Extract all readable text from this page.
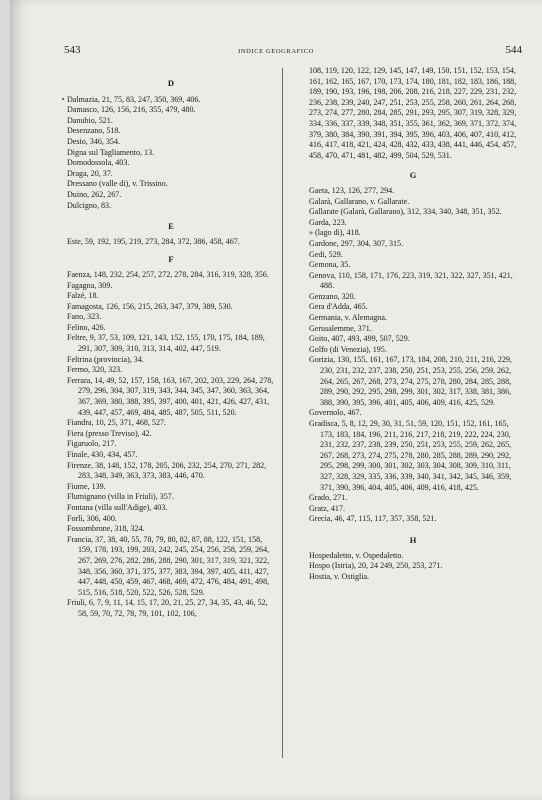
543	INDICE GEOGRAFICO	544
D
Dalmazia, 21, 75, 83, 247, 350, 369, 406.
Damasco, 126, 156, 216, 355, 479, 480.
Danubio, 521.
Desenzano, 518.
Desio, 346, 354.
Digna sul Tagliamento, 13.
Domodossola, 403.
Draga, 20, 37.
Dressano (valle di), v. Trissino.
Duino, 262, 267.
Dulcigno, 83.
E
Este, 59, 192, 195, 219, 273, 284, 372, 386, 458, 467.
F
Faenza, 148, 232, 254, 257, 272, 278, 284, 316, 319, 328, 356.
Fagagna, 309.
Falzè, 18.
Famagosta, 126, 156, 215, 263, 347, 379, 389, 530.
Fano, 323.
Felino, 426.
Feltre, 9, 37, 53, 109, 121, 143, 152, 155, 170, 175, 184, 189, 291, 307, 309, 310, 313, 314, 402, 447, 519.
Feltrina (provincia), 34.
Fermo, 320, 323.
Ferrara, 14, 49, 52, 157, 158, 163, 167, 202, 203, 229, 264, 278, 279, 296, 304, 307, 319, 343, 344, 345, 347, 360, 363, 364, 367, 369, 380, 388, 395, 397, 400, 401, 421, 426, 427, 431, 439, 447, 457, 469, 484, 485, 487, 505, 511, 520.
Fiandra, 10, 25, 371, 468, 527.
Fiera (presso Treviso), 42.
Figaruolo, 217.
Finale, 430, 434, 457.
Firenze, 38, 148, 152, 178, 205, 206, 232, 254, 270, 271, 282, 283, 348, 349, 363, 373, 383, 446, 470.
Fiume, 139.
Flumignano (villa in Friuli), 357.
Fontana (villa sull'Adige), 403.
Forlì, 306, 400.
Fossombrone, 318, 324.
Francia, 37, 38, 40, 55, 78, 79, 80, 82, 87, 88, 122, 151, 158, 159, 178, 193, 199, 203, 242, 245, 254, 256, 258, 259, 264, 267, 269, 276, 282, 286, 288, 290, 301, 317, 319, 321, 322, 348, 356, 360, 371, 375, 377, 383, 394, 397, 405, 411, 427, 447, 448, 450, 459, 467, 468, 469, 472, 476, 484, 491, 498, 515, 516, 518, 520, 522, 526, 528, 529.
Friuli, 6, 7, 9, 11, 14, 15, 17, 20, 21, 25, 27, 34, 35, 43, 46, 52, 58, 59, 70, 72, 78, 79, 101, 102, 106,
108, 119, 120, 122, 129, 145, 147, 149, 150, 151, 152, 153, 154, 161, 162, 165, 167, 170, 173, 174, 180, 181, 182, 183, 186, 188, 189, 190, 193, 196, 198, 206, 208, 216, 218, 227, 229, 231, 232, 236, 238, 239, 240, 247, 251, 253, 255, 258, 260, 261, 264, 268, 273, 274, 277, 280, 284, 285, 291, 293, 295, 307, 319, 328, 329, 334, 336, 337, 339, 348, 351, 355, 361, 362, 369, 371, 372, 374, 379, 380, 384, 390, 391, 394, 395, 396, 403, 406, 407, 410, 412, 416, 417, 418, 421, 424, 428, 432, 433, 438, 441, 446, 454, 457, 458, 470, 471, 481, 482, 499, 504, 529, 531.
G
Gaeta, 123, 126, 277, 294.
Galarà, Gallarano, v. Gallarate.
Gallarate (Galarà, Gallarano), 312, 334, 340, 348, 351, 352.
Garda, 223.
» (lago di), 418.
Gardone, 297, 304, 307, 315.
Gedi, 529.
Gemona, 35.
Genova, 110, 158, 171, 176, 223, 319, 321, 322, 327, 351, 421, 488.
Genzano, 320.
Gera d'Adda, 465.
Germania, v. Alemagna.
Gerusalemme, 371.
Goito, 407, 493, 499, 507, 529.
Golfo (di Venezia), 195.
Gorizia, 130, 155, 161, 167, 173, 184, 208, 210, 211, 216, 229, 230, 231, 232, 237, 238, 250, 251, 253, 255, 256, 259, 262, 264, 265, 267, 268, 273, 274, 275, 278, 280, 284, 285, 288, 289, 290, 292, 295, 298, 299, 301, 302, 317, 338, 381, 386, 388, 390, 395, 396, 401, 405, 406, 409, 416, 425, 529.
Governolo, 467.
Gradisca, 5, 8, 12, 29, 30, 31, 51, 59, 120, 151, 152, 161, 165, 173, 183, 184, 196, 211, 216, 217, 218, 219, 222, 224, 230, 231, 232, 237, 238, 239, 250, 251, 253, 255, 259, 262, 265, 267, 268, 273, 274, 275, 278, 280, 285, 288, 289, 290, 292, 295, 298, 299, 300, 301, 302, 303, 304, 308, 309, 310, 311, 327, 328, 329, 335, 336, 339, 340, 341, 342, 345, 346, 359, 371, 390, 396, 404, 405, 406, 409, 416, 418, 425.
Grado, 271.
Gratz, 417.
Grecia, 46, 47, 115, 117, 357, 358, 521.
H
Hospedaletto, v. Ospedaletto.
Hospo (Istria), 20, 24 249, 250, 253, 271.
Hostia, v. Ostiglia.
